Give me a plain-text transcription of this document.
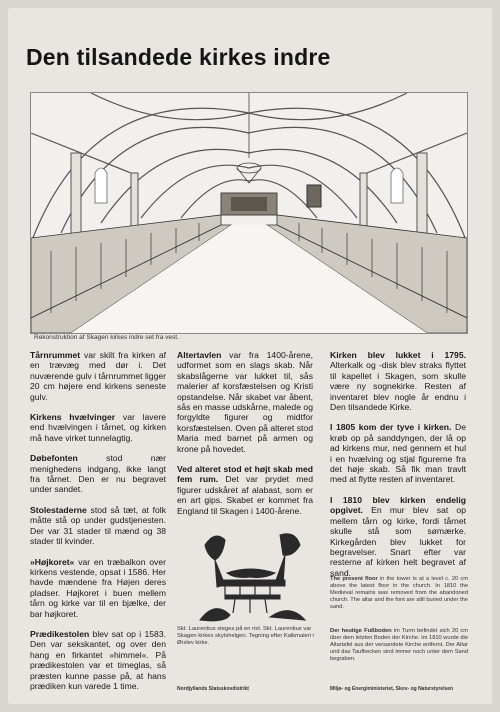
Den tilsandede kirkes indre
Rekonstruktion af Skagen kirkes indre set fra vest.

Tårnrummet var skilt fra kirken af en trævæg med dør i. Det nuværende gulv i tårnrummet ligger 20 cm højere end kirkens seneste gulv.

Kirkens hvælvinger var lavere end hvælvingen i tårnet, og kirken må have virket tunnelagtig.

Døbefonten stod nær menighedens indgang, ikke langt fra tårnet. Den er nu begravet under sandet.

Stolestaderne stod så tæt, at folk måtte stå op under gudstjenesten. Der var 31 stader til mænd og 38 stader til kvinder.

»Højkoret« var en træbalkon over kirkens vestende, opsat i 1586. Her havde mændene fra Højen deres pladser. Højkoret i buen mellem tårn og kirke var til en bjælke, der bar højkoret.

Prædikestolen blev sat op i 1583. Den var sekskantet, og over den hang en firkantet »himmel«. På prædikestolen var et timeglas, så præsten kunne passe på, at hans prædiken kun varede 1 time.

Altertavlen var fra 1400-årene, udformet som en slags skab. Når skabslågerne var lukket til, sås malerier af korsfæstelsen og Kristi opstandelse. Når skabet var åbent, sås en masse udskårne, malede og forgyldte figurer og midtfor korsfæstelsen. Oven på alteret stod Maria med barnet på armen og krone på hovedet.

Ved alteret stod et højt skab med fem rum. Det var prydet med figurer udskåret af alabast, som er en art gips. Skabet er kommet fra England til Skagen i 1400-årene.

Skt. Laurentius steges på en rist. Skt. Laurentius var Skagen kirkes skytshelgen. Tegning efter Kalkmaleri i Ørslev kirke.

Kirken blev lukket i 1795. Alterkalk og -disk blev straks flyttet til kapellet i Skagen, som skulle være ny sognekirke. Resten af inventaret blev nogle år endnu i Den tilsandede Kirke.

I 1805 kom der tyve i kirken. De krøb op på sanddyngen, der lå op ad kirkens mur, ned gennem et hul i en hvælving og stjal figurerne fra det høje skab. Så fik man travlt med at flytte resten af inventaret.

I 1810 blev kirken endelig opgivet. En mur blev sat op mellem tårn og kirke, fordi tårnet skulle stå som sømærke. Kirkegården blev lukket for begravelser. Snart efter var resterne af kirken helt begravet af sand.

The present floor in the tower is at a level c. 20 cm above the latest floor in the church. In 1810 the Medieval remains was removed from the abandoned church. The altar and the font are still buried under the sand.
Der heutige Fußboden im Turm befindet sich 20 cm über dem letzten Boden der Kirche. Im 1810 wurde die Altartafel aus der versandete Kirche entfernt. Der Altar und das Taufbecken sind immer noch unter dem Sand begraben.
Nordjyllands Statsskovdistrikt	Miljø- og Energiministeriet, Skov- og Naturstyrelsen
